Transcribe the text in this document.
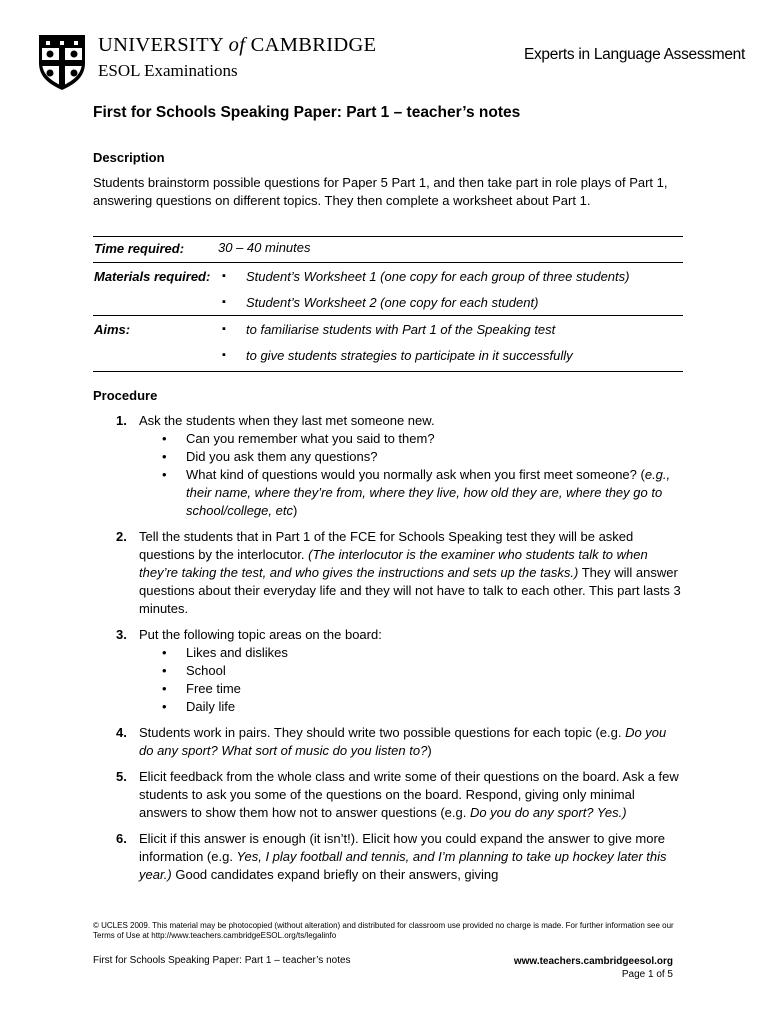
UNIVERSITY of CAMBRIDGE
ESOL Examinations
Experts in Language Assessment
First for Schools Speaking Paper: Part 1 – teacher’s notes
Description
Students brainstorm possible questions for Paper 5 Part 1, and then take part in role plays of Part 1, answering questions on different topics. They then complete a worksheet about Part 1.
Time required:	30 – 40 minutes
Materials required:	▪ Student’s Worksheet 1 (one copy for each group of three students)
▪ Student’s Worksheet 2 (one copy for each student)

Aims:	▪ to familiarise students with Part 1 of the Speaking test
▪ to give students strategies to participate in it successfully
Procedure
1. Ask the students when they last met someone new.
• Can you remember what you said to them?
• Did you ask them any questions?
• What kind of questions would you normally ask when you first meet someone? (e.g., their name, where they’re from, where they live, how old they are, where they go to school/college, etc)
2. Tell the students that in Part 1 of the FCE for Schools Speaking test they will be asked questions by the interlocutor. (The interlocutor is the examiner who students talk to when they’re taking the test, and who gives the instructions and sets up the tasks.) They will answer questions about their everyday life and they will not have to talk to each other. This part lasts 3 minutes.
3. Put the following topic areas on the board:
• Likes and dislikes
• School
• Free time
• Daily life
4. Students work in pairs. They should write two possible questions for each topic (e.g. Do you do any sport? What sort of music do you listen to?)
5. Elicit feedback from the whole class and write some of their questions on the board. Ask a few students to ask you some of the questions on the board. Respond, giving only minimal answers to show them how not to answer questions (e.g. Do you do any sport? Yes.)
6. Elicit if this answer is enough (it isn’t!). Elicit how you could expand the answer to give more information (e.g. Yes, I play football and tennis, and I’m planning to take up hockey later this year.) Good candidates expand briefly on their answers, giving
© UCLES 2009. This material may be photocopied (without alteration) and distributed for classroom use provided no charge is made. For further information see our Terms of Use at http://www.teachers.cambridgeESOL.org/ts/legalinfo
First for Schools Speaking Paper: Part 1 – teacher’s notes	www.teachers.cambridgeesol.org
Page 1 of 5
